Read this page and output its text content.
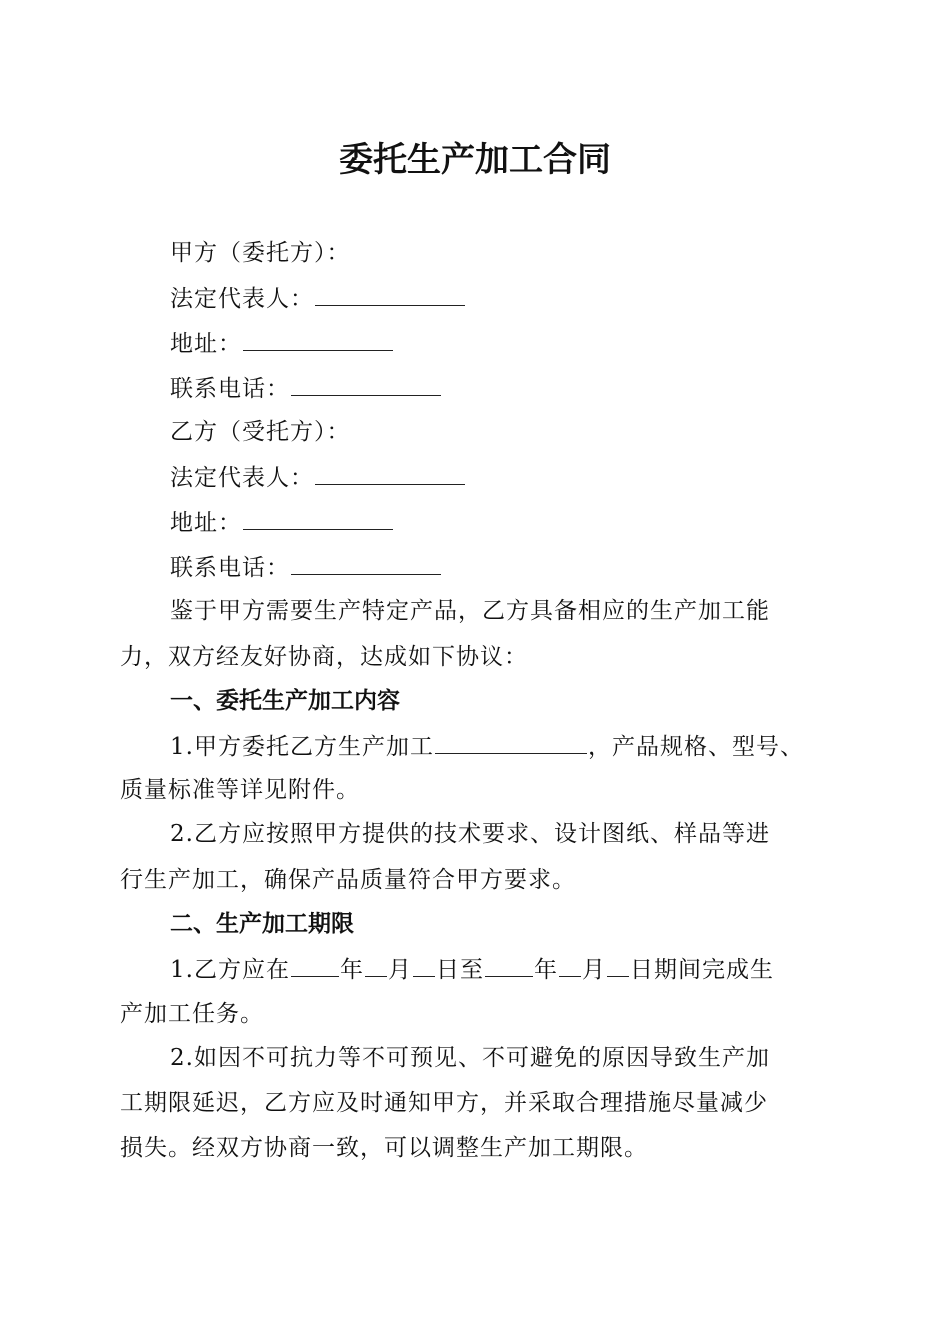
委托生产加工合同
甲方（委托方）：
法定代表人：
地址：
联系电话：
乙方（受托方）：
法定代表人：
地址：
联系电话：
鉴于甲方需要生产特定产品，乙方具备相应的生产加工能
力，双方经友好协商，达成如下协议：
一、委托生产加工内容
1.甲方委托乙方生产加工	，产品规格、型号、
质量标准等详见附件。
2.乙方应按照甲方提供的技术要求、设计图纸、样品等进
行生产加工，确保产品质量符合甲方要求。
二、生产加工期限
1.乙方应在 年 月 日至 年 月 日期间完成生
产加工任务。
2.如因不可抗力等不可预见、不可避免的原因导致生产加
工期限延迟，乙方应及时通知甲方，并采取合理措施尽量减少
损失。经双方协商一致，可以调整生产加工期限。
